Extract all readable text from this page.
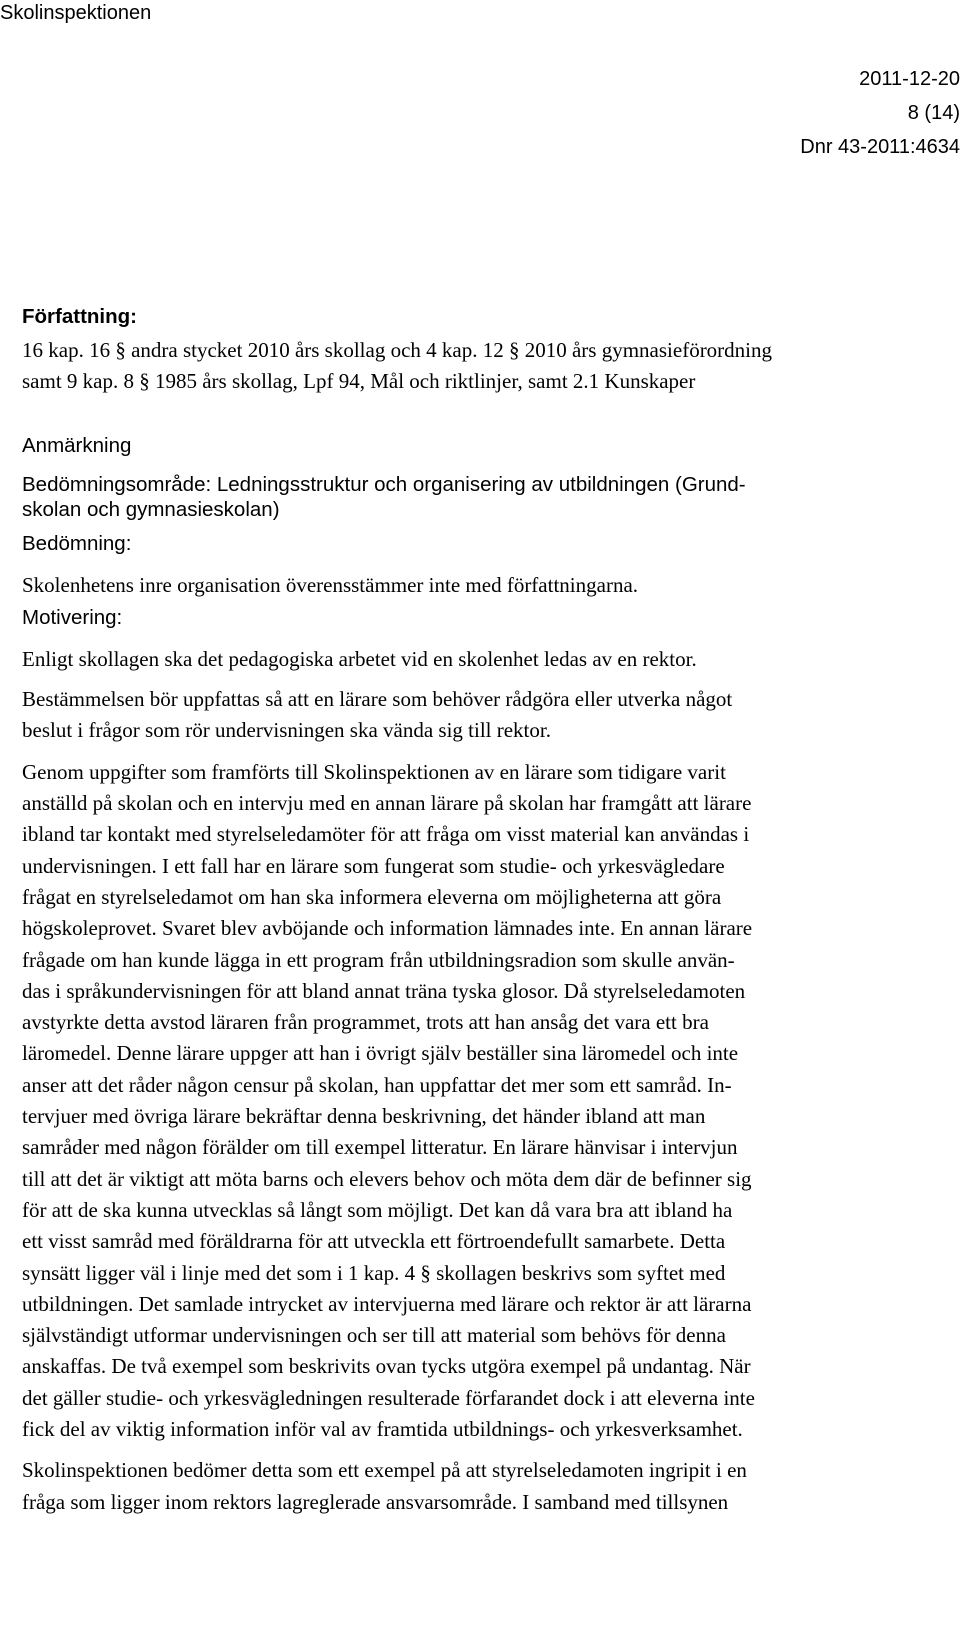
Skolinspektionen
2011-12-20
8 (14)
Dnr 43-2011:4634

Författning:

16 kap. 16 § andra stycket 2010 års skollag och 4 kap. 12 § 2010 års gymnasieförordning
samt 9 kap. 8 § 1985 års skollag, Lpf 94, Mål och riktlinjer, samt 2.1 Kunskaper

Anmärkning

Bedömningsområde: Ledningsstruktur och organisering av utbildningen (Grund-
skolan och gymnasieskolan)

Bedömning:

Skolenhetens inre organisation överensstämmer inte med författningarna.

Motivering:

Enligt skollagen ska det pedagogiska arbetet vid en skolenhet ledas av en rektor.
Bestämmelsen bör uppfattas så att en lärare som behöver rådgöra eller utverka något
beslut i frågor som rör undervisningen ska vända sig till rektor.
Genom uppgifter som framförts till Skolinspektionen av en lärare som tidigare varit
anställd på skolan och en intervju med en annan lärare på skolan har framgått att lärare
ibland tar kontakt med styrelseledamöter för att fråga om visst material kan användas i
undervisningen. I ett fall har en lärare som fungerat som studie- och yrkesvägledare
frågat en styrelseledamot om han ska informera eleverna om möjligheterna att göra
högskoleprovet. Svaret blev avböjande och information lämnades inte. En annan lärare
frågade om han kunde lägga in ett program från utbildningsradion som skulle använ-
das i språkundervisningen för att bland annat träna tyska glosor. Då styrelseledamoten
avstyrkte detta avstod läraren från programmet, trots att han ansåg det vara ett bra
läromedel. Denne lärare uppger att han i övrigt själv beställer sina läromedel och inte
anser att det råder någon censur på skolan, han uppfattar det mer som ett samråd. In-
tervjuer med övriga lärare bekräftar denna beskrivning, det händer ibland att man
samråder med någon förälder om till exempel litteratur. En lärare hänvisar i intervjun
till att det är viktigt att möta barns och elevers behov och möta dem där de befinner sig
för att de ska kunna utvecklas så långt som möjligt. Det kan då vara bra att ibland ha
ett visst samråd med föräldrarna för att utveckla ett förtroendefullt samarbete. Detta
synsätt ligger väl i linje med det som i 1 kap. 4 § skollagen beskrivs som syftet med
utbildningen. Det samlade intrycket av intervjuerna med lärare och rektor är att lärarna
självständigt utformar undervisningen och ser till att material som behövs för denna
anskaffas. De två exempel som beskrivits ovan tycks utgöra exempel på undantag. När
det gäller studie- och yrkesvägledningen resulterade förfarandet dock i att eleverna inte
fick del av viktig information inför val av framtida utbildnings- och yrkesverksamhet.
Skolinspektionen bedömer detta som ett exempel på att styrelseledamoten ingripit i en
fråga som ligger inom rektors lagreglerade ansvarsområde. I samband med tillsynen
